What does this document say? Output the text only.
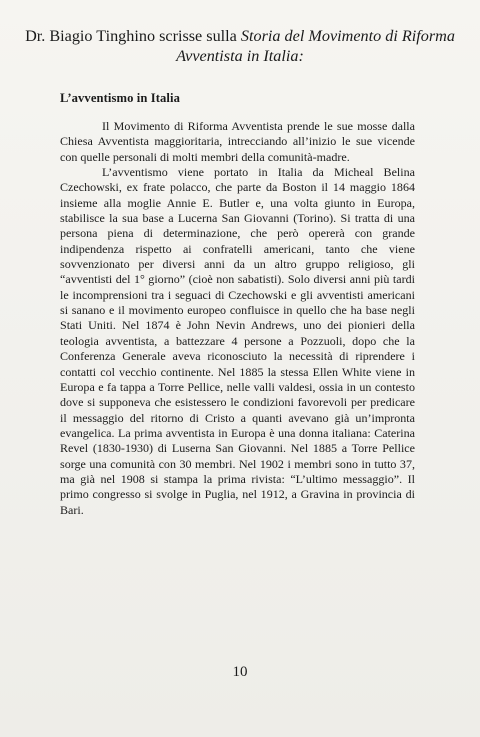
Dr. Biagio Tinghino scrisse sulla Storia del Movimento di Riforma
Avventista in Italia:
L’avventismo in Italia

Il Movimento di Riforma Avventista prende le sue mosse dalla Chiesa Avventista maggioritaria, intrecciando all’inizio le sue vicende con quelle personali di molti membri della comunità-madre.

L’avventismo viene portato in Italia da Micheal Belina Czechowski, ex frate polacco, che parte da Boston il 14 maggio 1864 insieme alla moglie Annie E. Butler e, una volta giunto in Europa, stabilisce la sua base a Lucerna San Giovanni (Torino). Si tratta di una persona piena di determinazione, che però opererà con grande indipendenza rispetto ai confratelli americani, tanto che viene sovvenzionato per diversi anni da un altro gruppo religioso, gli “avventisti del 1° giorno” (cioè non sabatisti). Solo diversi anni più tardi le incomprensioni tra i seguaci di Czechowski e gli avventisti americani si sanano e il movimento europeo confluisce in quello che ha base negli Stati Uniti. Nel 1874 è John Nevin Andrews, uno dei pionieri della teologia avventista, a battezzare 4 persone a Pozzuoli, dopo che la Conferenza Generale aveva riconosciuto la necessità di riprendere i contatti col vecchio continente. Nel 1885 la stessa Ellen White viene in Europa e fa tappa a Torre Pellice, nelle valli valdesi, ossia in un contesto dove si supponeva che esistessero le condizioni favorevoli per predicare il messaggio del ritorno di Cristo a quanti avevano già un’impronta evangelica. La prima avventista in Europa è una donna italiana: Caterina Revel (1830-1930) di Luserna San Giovanni. Nel 1885 a Torre Pellice sorge una comunità con 30 membri. Nel 1902 i membri sono in tutto 37, ma già nel 1908 si stampa la prima rivista: “L’ultimo messaggio”. Il primo congresso si svolge in Puglia, nel 1912, a Gravina in provincia di Bari.

10
